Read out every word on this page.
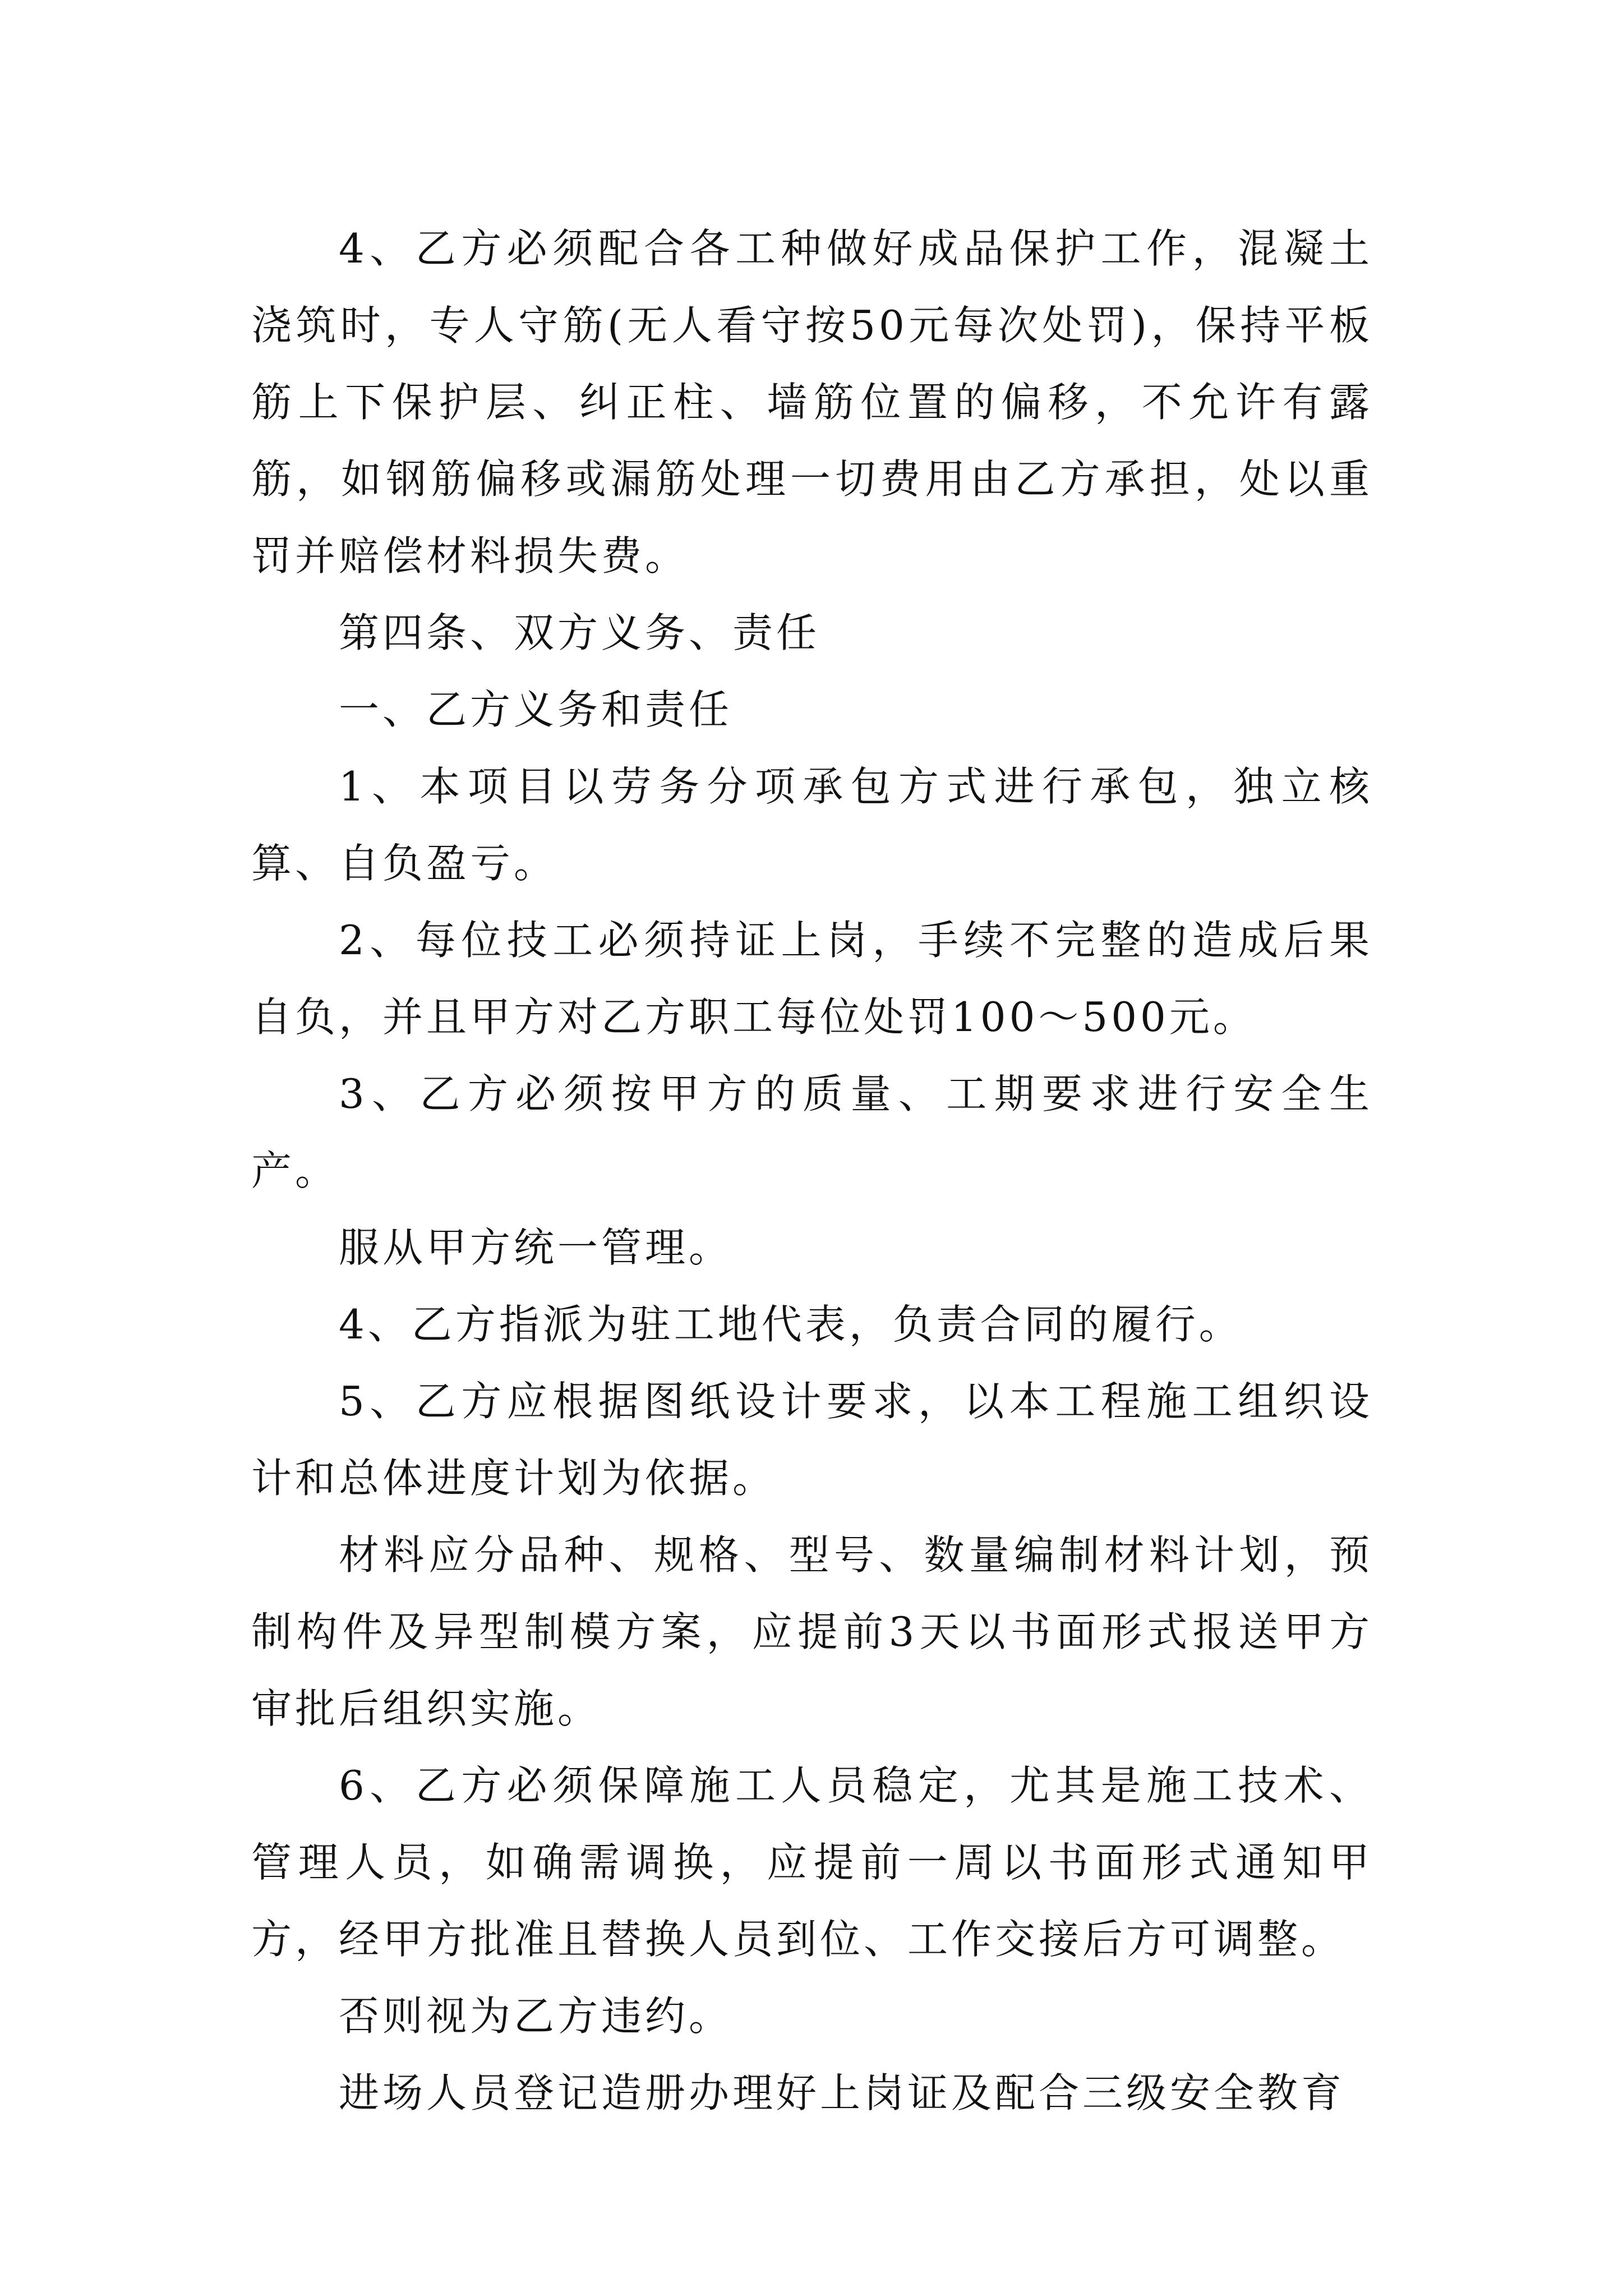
4、乙方必须配合各工种做好成品保护工作，混凝土浇筑时，专人守筋(无人看守按50元每次处罚)，保持平板筋上下保护层、纠正柱、墙筋位置的偏移，不允许有露筋，如钢筋偏移或漏筋处理一切费用由乙方承担，处以重罚并赔偿材料损失费。

第四条、双方义务、责任

一、乙方义务和责任

1、本项目以劳务分项承包方式进行承包，独立核算、自负盈亏。

2、每位技工必须持证上岗，手续不完整的造成后果自负，并且甲方对乙方职工每位处罚100～500元。

3、乙方必须按甲方的质量、工期要求进行安全生产。

服从甲方统一管理。

4、乙方指派为驻工地代表，负责合同的履行。

5、乙方应根据图纸设计要求，以本工程施工组织设计和总体进度计划为依据。

材料应分品种、规格、型号、数量编制材料计划，预制构件及异型制模方案，应提前3天以书面形式报送甲方审批后组织实施。

6、乙方必须保障施工人员稳定，尤其是施工技术、管理人员，如确需调换，应提前一周以书面形式通知甲方，经甲方批准且替换人员到位、工作交接后方可调整。

否则视为乙方违约。

进场人员登记造册办理好上岗证及配合三级安全教育
